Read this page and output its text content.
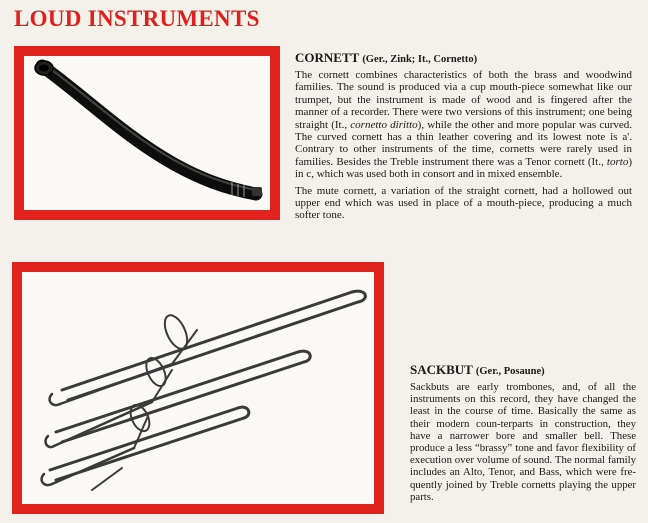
LOUD INSTRUMENTS
CORNETT (Ger., Zink; It., Cornetto)

The cornett combines characteristics of both the brass and woodwind families. The sound is produced via a cup mouth-piece somewhat like our trumpet, but the instrument is made of wood and is fingered after the manner of a recorder. There were two versions of this instrument; one being straight (It., cornetto diritto), while the other and more popular was curved. The curved cornett has a thin leather covering and its lowest note is a'. Contrary to other instruments of the time, cornetts were rarely used in families. Besides the Treble instrument there was a Tenor cornett (It., torto) in c, which was used both in consort and in mixed ensemble.

The mute cornett, a variation of the straight cornett, had a hollowed out upper end which was used in place of a mouth-piece, producing a much softer tone.

SACKBUT (Ger., Posaune)

Sackbuts are early trombones, and, of all the instruments on this record, they have changed the least in the course of time. Basically the same as their modern coun-terparts in construction, they have a narrower bore and smaller bell. These produce a less “brassy” tone and favor flexibility of execution over volume of sound. The normal family includes an Alto, Tenor, and Bass, which were fre-quently joined by Treble cornetts playing the upper parts.
